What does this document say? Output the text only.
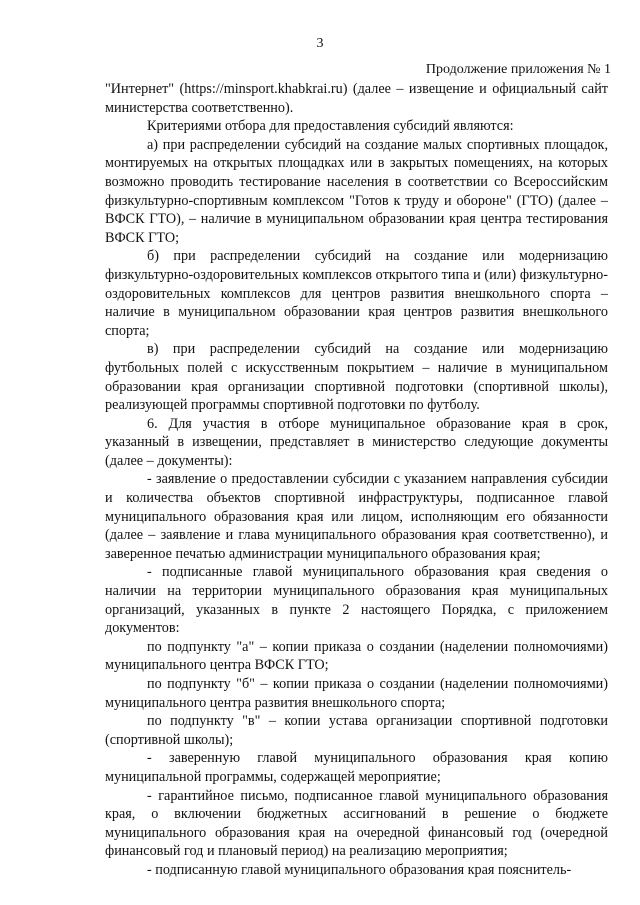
3
Продолжение приложения № 1

"Интернет" (https://minsport.khabkrai.ru) (далее – извещение и официальный сайт министерства соответственно).

Критериями отбора для предоставления субсидий являются:

а) при распределении субсидий на создание малых спортивных площадок, монтируемых на открытых площадках или в закрытых помещениях, на которых возможно проводить тестирование населения в соответствии со Всероссийским физкультурно-спортивным комплексом "Готов к труду и обороне" (ГТО) (далее – ВФСК ГТО), – наличие в муниципальном образовании края центра тестирования ВФСК ГТО;

б) при распределении субсидий на создание или модернизацию физкультурно-оздоровительных комплексов открытого типа и (или) физкультурно-оздоровительных комплексов для центров развития внешкольного спорта – наличие в муниципальном образовании края центров развития внешкольного спорта;

в) при распределении субсидий на создание или модернизацию футбольных полей с искусственным покрытием – наличие в муниципальном образовании края организации спортивной подготовки (спортивной школы), реализующей программы спортивной подготовки по футболу.

6. Для участия в отборе муниципальное образование края в срок, указанный в извещении, представляет в министерство следующие документы (далее – документы):

- заявление о предоставлении субсидии с указанием направления субсидии и количества объектов спортивной инфраструктуры, подписанное главой муниципального образования края или лицом, исполняющим его обязанности (далее – заявление и глава муниципального образования края соответственно), и заверенное печатью администрации муниципального образования края;

- подписанные главой муниципального образования края сведения о наличии на территории муниципального образования края муниципальных организаций, указанных в пункте 2 настоящего Порядка, с приложением документов:

по подпункту "а" – копии приказа о создании (наделении полномочиями) муниципального центра ВФСК ГТО;

по подпункту "б" – копии приказа о создании (наделении полномочиями) муниципального центра развития внешкольного спорта;

по подпункту "в" – копии устава организации спортивной подготовки (спортивной школы);

- заверенную главой муниципального образования края копию муниципальной программы, содержащей мероприятие;

- гарантийное письмо, подписанное главой муниципального образования края, о включении бюджетных ассигнований в решение о бюджете муниципального образования края на очередной финансовый год (очередной финансовый год и плановый период) на реализацию мероприятия;

- подписанную главой муниципального образования края пояснитель-
